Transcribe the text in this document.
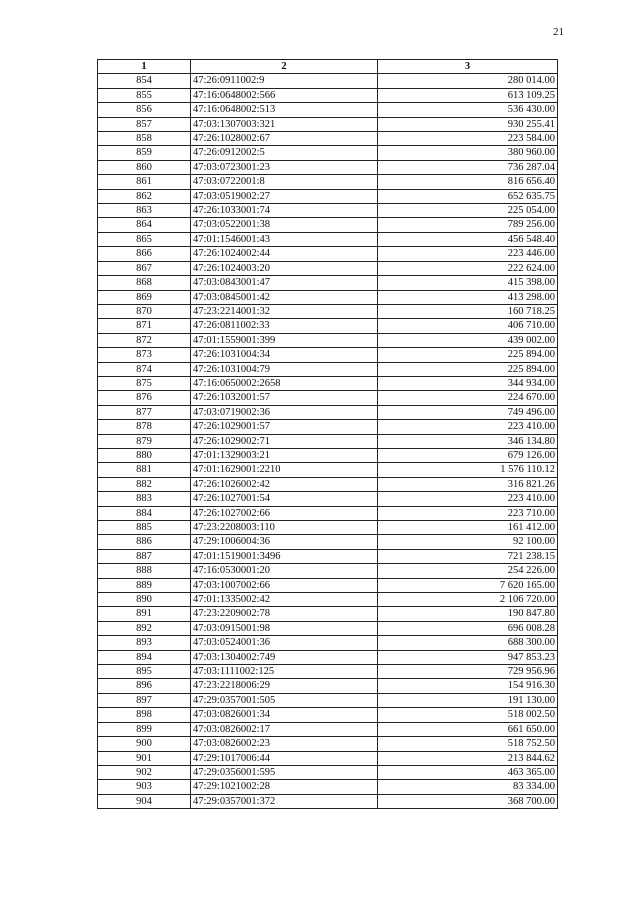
21
1	2	3
854	47:26:0911002:9	280 014.00
855	47:16:0648002:566	613 109.25
856	47:16:0648002:513	536 430.00
857	47:03:1307003:321	930 255.41
858	47:26:1028002:67	223 584.00
859	47:26:0912002:5	380 960.00
860	47:03:0723001:23	736 287.04
861	47:03:0722001:8	816 656.40
862	47:03:0519002:27	652 635.75
863	47:26:1033001:74	225 054.00
864	47:03:0522001:38	789 256.00
865	47:01:1546001:43	456 548.40
866	47:26:1024002:44	223 446.00
867	47:26:1024003:20	222 624.00
868	47:03:0843001:47	415 398.00
869	47:03:0845001:42	413 298.00
870	47:23:2214001:32	160 718.25
871	47:26:0811002:33	406 710.00
872	47:01:1559001:399	439 002.00
873	47:26:1031004:34	225 894.00
874	47:26:1031004:79	225 894.00
875	47:16:0650002:2658	344 934.00
876	47:26:1032001:57	224 670.00
877	47:03:0719002:36	749 496.00
878	47:26:1029001:57	223 410.00
879	47:26:1029002:71	346 134.80
880	47:01:1329003:21	679 126.00
881	47:01:1629001:2210	1 576 110.12
882	47:26:1026002:42	316 821.26
883	47:26:1027001:54	223 410.00
884	47:26:1027002:66	223 710.00
885	47:23:2208003:110	161 412.00
886	47:29:1006004:36	92 100.00
887	47:01:1519001:3496	721 238.15
888	47:16:0530001:20	254 226.00
889	47:03:1007002:66	7 620 165.00
890	47:01:1335002:42	2 106 720.00
891	47:23:2209002:78	190 847.80
892	47:03:0915001:98	696 008.28
893	47:03:0524001:36	688 300.00
894	47:03:1304002:749	947 853.23
895	47:03:1111002:125	729 956.96
896	47:23:2218006:29	154 916.30
897	47:29:0357001:505	191 130.00
898	47:03:0826001:34	518 002.50
899	47:03:0826002:17	661 650.00
900	47:03:0826002:23	518 752.50
901	47:29:1017006:44	213 844.62
902	47:29:0356001:595	463 365.00
903	47:29:1021002:28	83 334.00
904	47:29:0357001:372	368 700.00
